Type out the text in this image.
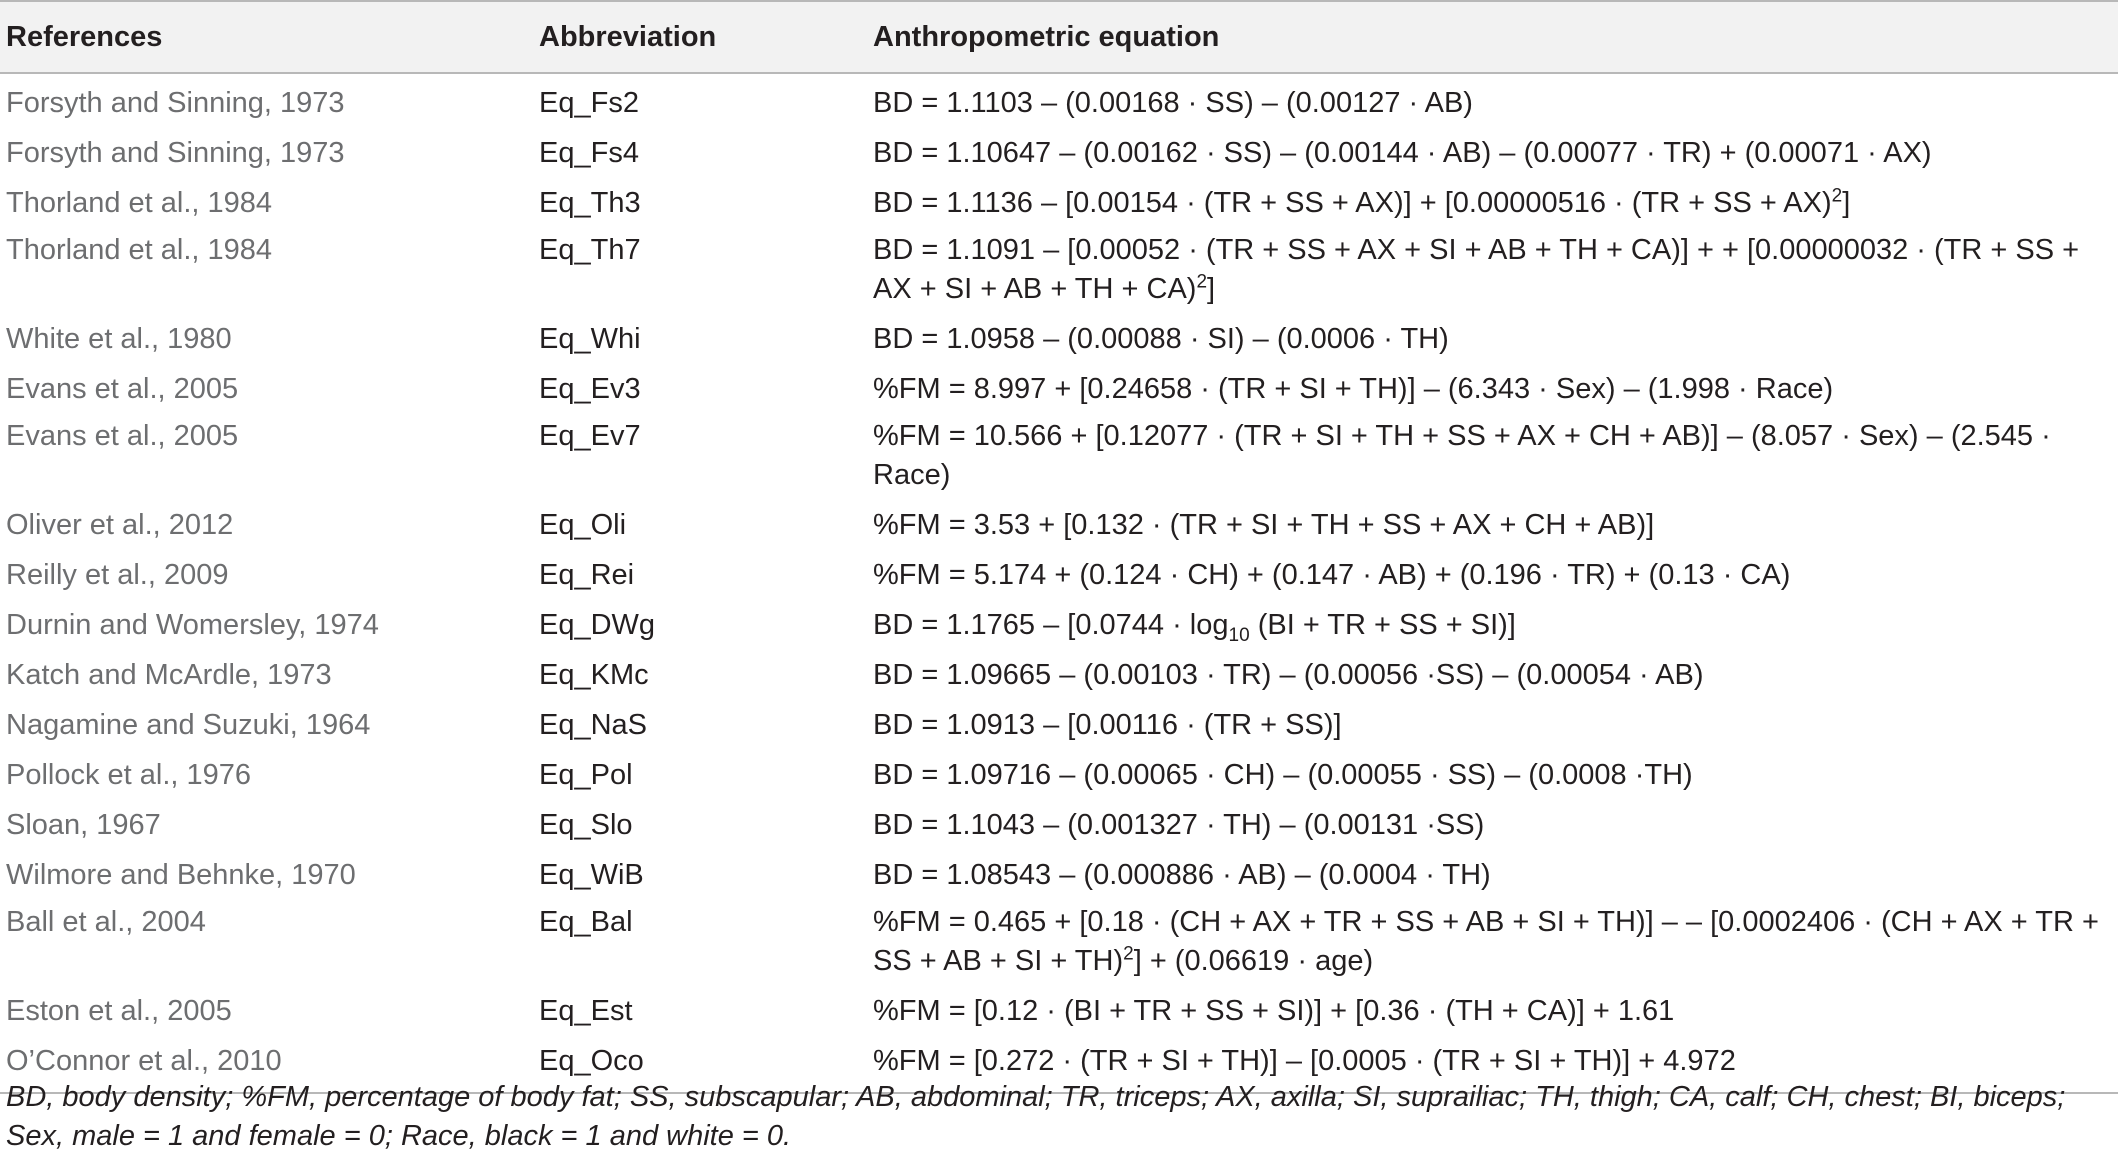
References	Abbreviation	Anthropometric equation
Forsyth and Sinning, 1973	Eq_Fs2	BD = 1.1103 – (0.00168 · SS) – (0.00127 · AB)
Forsyth and Sinning, 1973	Eq_Fs4	BD = 1.10647 – (0.00162 · SS) – (0.00144 · AB) – (0.00077 · TR) + (0.00071 · AX)
Thorland et al., 1984	Eq_Th3	BD = 1.1136 – [0.00154 · (TR + SS + AX)] + [0.00000516 · (TR + SS + AX)$^2$]
Thorland et al., 1984	Eq_Th7	BD = 1.1091 – [0.00052 · (TR + SS + AX + SI + AB + TH + CA)] + + [0.00000032 · (TR + SS + AX + SI + AB + TH + CA)$^2$]
White et al., 1980	Eq_Whi	BD = 1.0958 – (0.00088 · SI) – (0.0006 · TH)
Evans et al., 2005	Eq_Ev3	%FM = 8.997 + [0.24658 · (TR + SI + TH)] – (6.343 · Sex) – (1.998 · Race)
Evans et al., 2005	Eq_Ev7	%FM = 10.566 + [0.12077 · (TR + SI + TH + SS + AX + CH + AB)] – (8.057 · Sex) – (2.545 · Race)
Oliver et al., 2012	Eq_Oli	%FM = 3.53 + [0.132 · (TR + SI + TH + SS + AX + CH + AB)]
Reilly et al., 2009	Eq_Rei	%FM = 5.174 + (0.124 · CH) + (0.147 · AB) + (0.196 · TR) + (0.13 · CA)
Durnin and Womersley, 1974	Eq_DWg	BD = $1.1765 - [0.0744 \cdot \log_{10} (BI$ + TR + SS + SI)]
Katch and McArdle, 1973	Eq_KMc	BD = 1.09665 – (0.00103 · TR) – (0.00056 ·SS) – (0.00054 · AB)
Nagamine and Suzuki, 1964	Eq_NaS	BD = 1.0913 – [0.00116 · (TR + SS)]
Pollock et al., 1976	Eq_Pol	BD = 1.09716 – (0.00065 · CH) – (0.00055 · SS) – (0.0008 ·TH)
Sloan, 1967	Eq_Slo	BD = 1.1043 – (0.001327 · TH) – (0.00131 ·SS)
Wilmore and Behnke, 1970	Eq_WiB	BD = 1.08543 – (0.000886 · AB) – (0.0004 · TH)
Ball et al., 2004	Eq_Bal	%FM = 0.465 + [0.18 · (CH + AX + TR + SS + AB + SI + TH)] – – [0.0002406 · (CH + AX + TR + SS + AB + SI + TH)$^2$] + (0.06619 · age)
Eston et al., 2005	Eq_Est	%FM = [0.12 · (BI + TR + SS + SI)] + [0.36 · (TH + CA)] + 1.61
O’Connor et al., 2010	Eq_Oco	%FM = [0.272 · (TR + SI + TH)] – [0.0005 · (TR + SI + TH)] + 4.972
BD, body density; %FM, percentage of body fat; SS, subscapular; AB, abdominal; TR, triceps; AX, axilla; SI, suprailiac; TH, thigh; CA, calf; CH, chest; BI, biceps; Sex, male = 1 and female = 0; Race, black = 1 and white = 0.
